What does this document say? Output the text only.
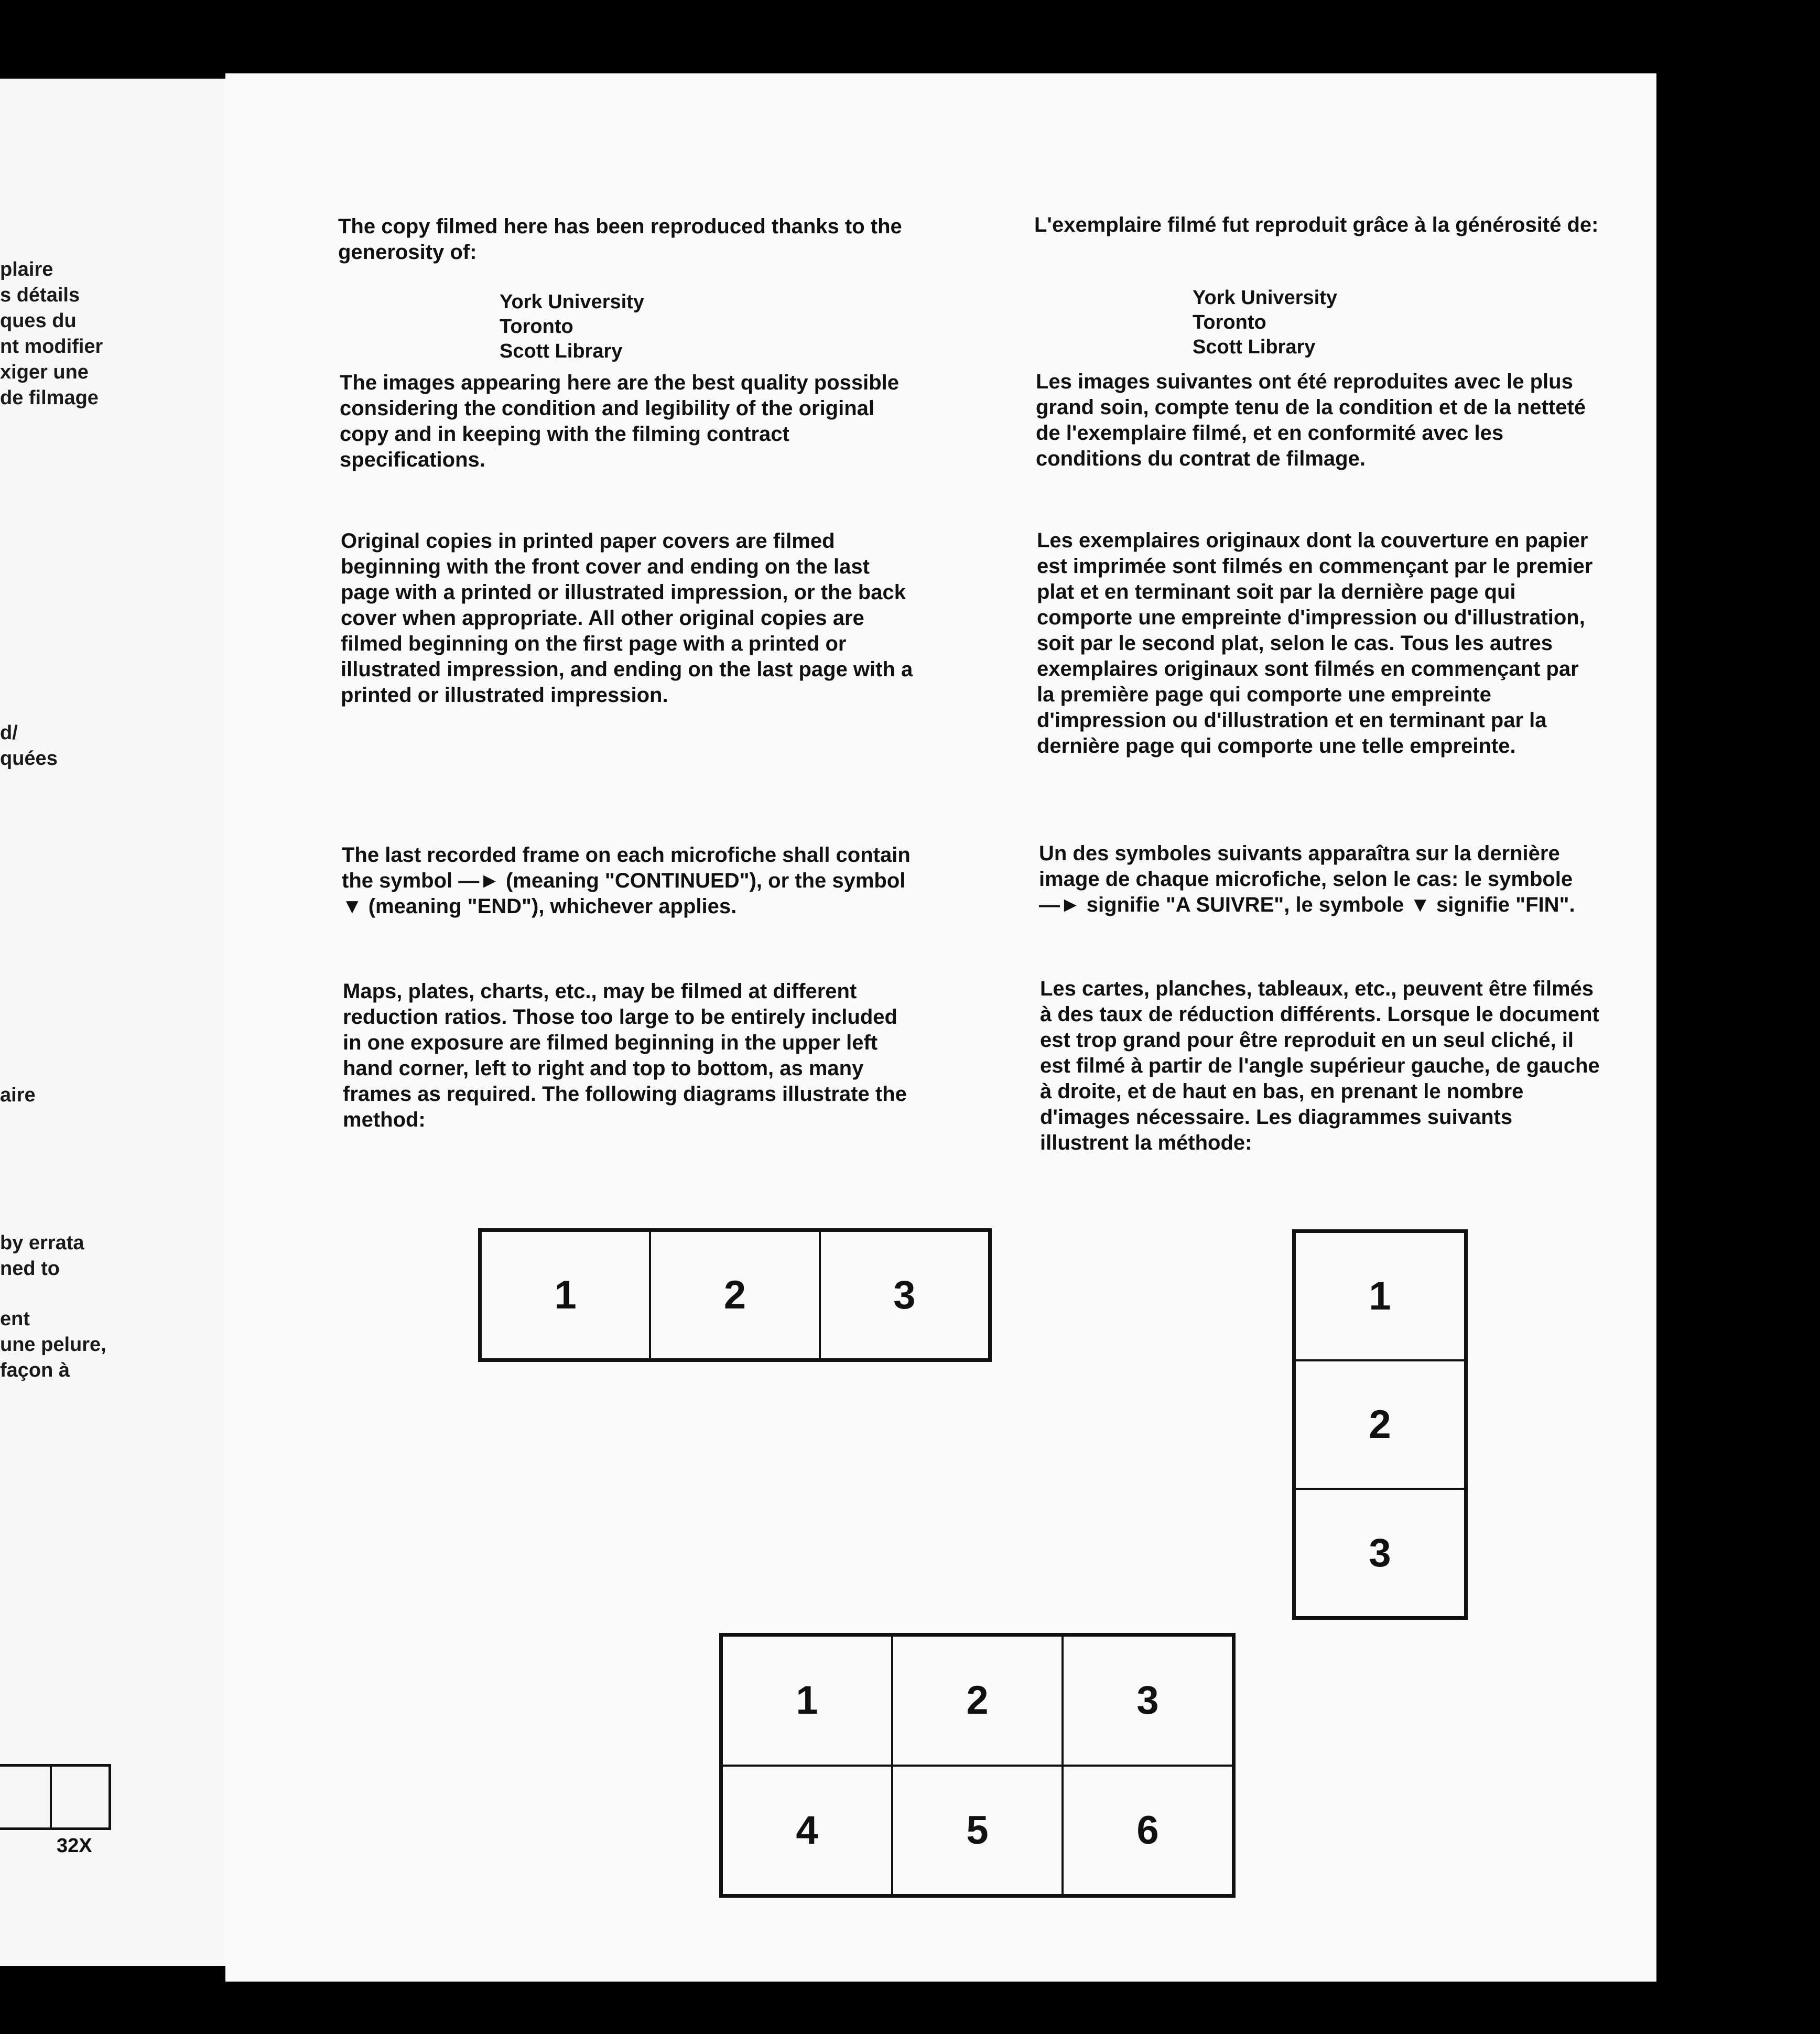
plaire
s détails
ques du
nt modifier
xiger une
de filmage
d/
quées
aire
by errata
ned to
ent
une pelure,
façon à
32X

The copy filmed here has been reproduced thanks to the generosity of:

York University
Toronto
Scott Library

The images appearing here are the best quality possible considering the condition and legibility of the original copy and in keeping with the filming contract specifications.

Original copies in printed paper covers are filmed beginning with the front cover and ending on the last page with a printed or illustrated impression, or the back cover when appropriate. All other original copies are filmed beginning on the first page with a printed or illustrated impression, and ending on the last page with a printed or illustrated impression.

The last recorded frame on each microfiche shall contain the symbol —► (meaning "CONTINUED"), or the symbol ▼ (meaning "END"), whichever applies.

Maps, plates, charts, etc., may be filmed at different reduction ratios. Those too large to be entirely included in one exposure are filmed beginning in the upper left hand corner, left to right and top to bottom, as many frames as required. The following diagrams illustrate the method:

L'exemplaire filmé fut reproduit grâce à la générosité de:

York University
Toronto
Scott Library

Les images suivantes ont été reproduites avec le plus grand soin, compte tenu de la condition et de la netteté de l'exemplaire filmé, et en conformité avec les conditions du contrat de filmage.

Les exemplaires originaux dont la couverture en papier est imprimée sont filmés en commençant par le premier plat et en terminant soit par la dernière page qui comporte une empreinte d'impression ou d'illustration, soit par le second plat, selon le cas. Tous les autres exemplaires originaux sont filmés en commençant par la première page qui comporte une empreinte d'impression ou d'illustration et en terminant par la dernière page qui comporte une telle empreinte.

Un des symboles suivants apparaîtra sur la dernière image de chaque microfiche, selon le cas: le symbole —► signifie "A SUIVRE", le symbole ▼ signifie "FIN".

Les cartes, planches, tableaux, etc., peuvent être filmés à des taux de réduction différents. Lorsque le document est trop grand pour être reproduit en un seul cliché, il est filmé à partir de l'angle supérieur gauche, de gauche à droite, et de haut en bas, en prenant le nombre d'images nécessaire. Les diagrammes suivants illustrent la méthode:

1	2	3	1
2
3
1	2	3
4	5	6
